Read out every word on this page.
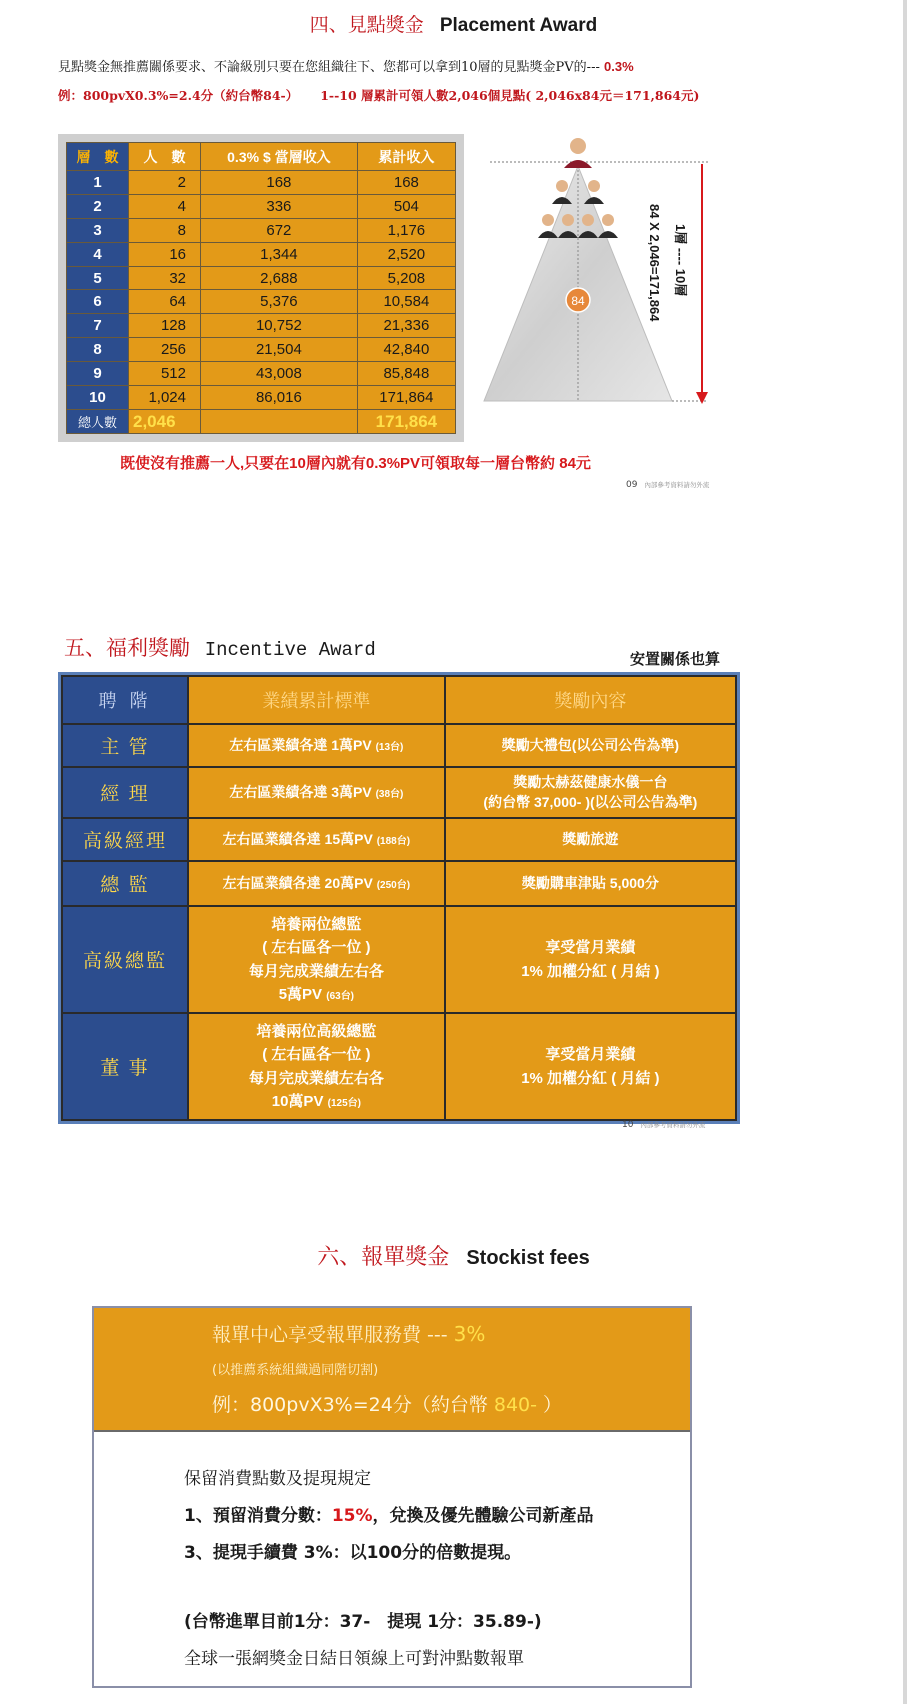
四、見點獎金 Placement Award
見點獎金無推薦關係要求、不論級別只要在您組織往下、您都可以拿到10層的見點獎金PV的--- 0.3%
例：800pvX0.3%=2.4分（約台幣84-） 1--10 層累計可領人數2,046個見點( 2,046x84元＝171,864元)
層　數	人　數	0.3% $ 當層收入	累計收入
1	2	168	168
2	4	336	504
3	8	672	1,176
4	16	1,344	2,520
5	32	2,688	5,208
6	64	5,376	10,584
7	128	10,752	21,336
8	256	21,504	42,840
9	512	43,008	85,848
10	1,024	86,016	171,864
總人數	2,046		171,864
84	84 X 2,046=171,864 1層 ---- 10層
既使沒有推薦一人,只要在10層內就有0.3%PV可領取每一層台幣約 84元
09 內部參考資料請勿外流
五、福利獎勵 Incentive Award	安置關係也算
聘 階	業績累計標準	獎勵內容
主 管	左右區業績各達 1萬PV (13台)	獎勵大禮包(以公司公告為準)
經 理	左右區業績各達 3萬PV (38台)	獎勵太赫茲健康水儀一台
(約台幣 37,000- )(以公司公告為準)
高級經理	左右區業績各達 15萬PV (188台)	獎勵旅遊
總 監	左右區業績各達 20萬PV (250台)	獎勵購車津貼 5,000分
高級總監	培養兩位總監
( 左右區各一位 )
每月完成業績左右各
5萬PV (63台)	享受當月業績
1% 加權分紅 ( 月結 )
董 事	培養兩位高級總監
( 左右區各一位 )
每月完成業績左右各
10萬PV (125台)	享受當月業績
1% 加權分紅 ( 月結 )
10 內部參考資料請勿外流
六、報單獎金 Stockist fees
報單中心享受報單服務費 --- 3%
(以推薦系統組織過同階切割)
例：800pvX3%=24分（約台幣 840- ）
保留消費點數及提現規定
1、預留消費分數：15%，兌換及優先體驗公司新產品
3、提現手續費 3%：以100分的倍數提現。
(台幣進單目前1分：37-　提現 1分：35.89-)
全球一張網獎金日結日領線上可對沖點數報單
